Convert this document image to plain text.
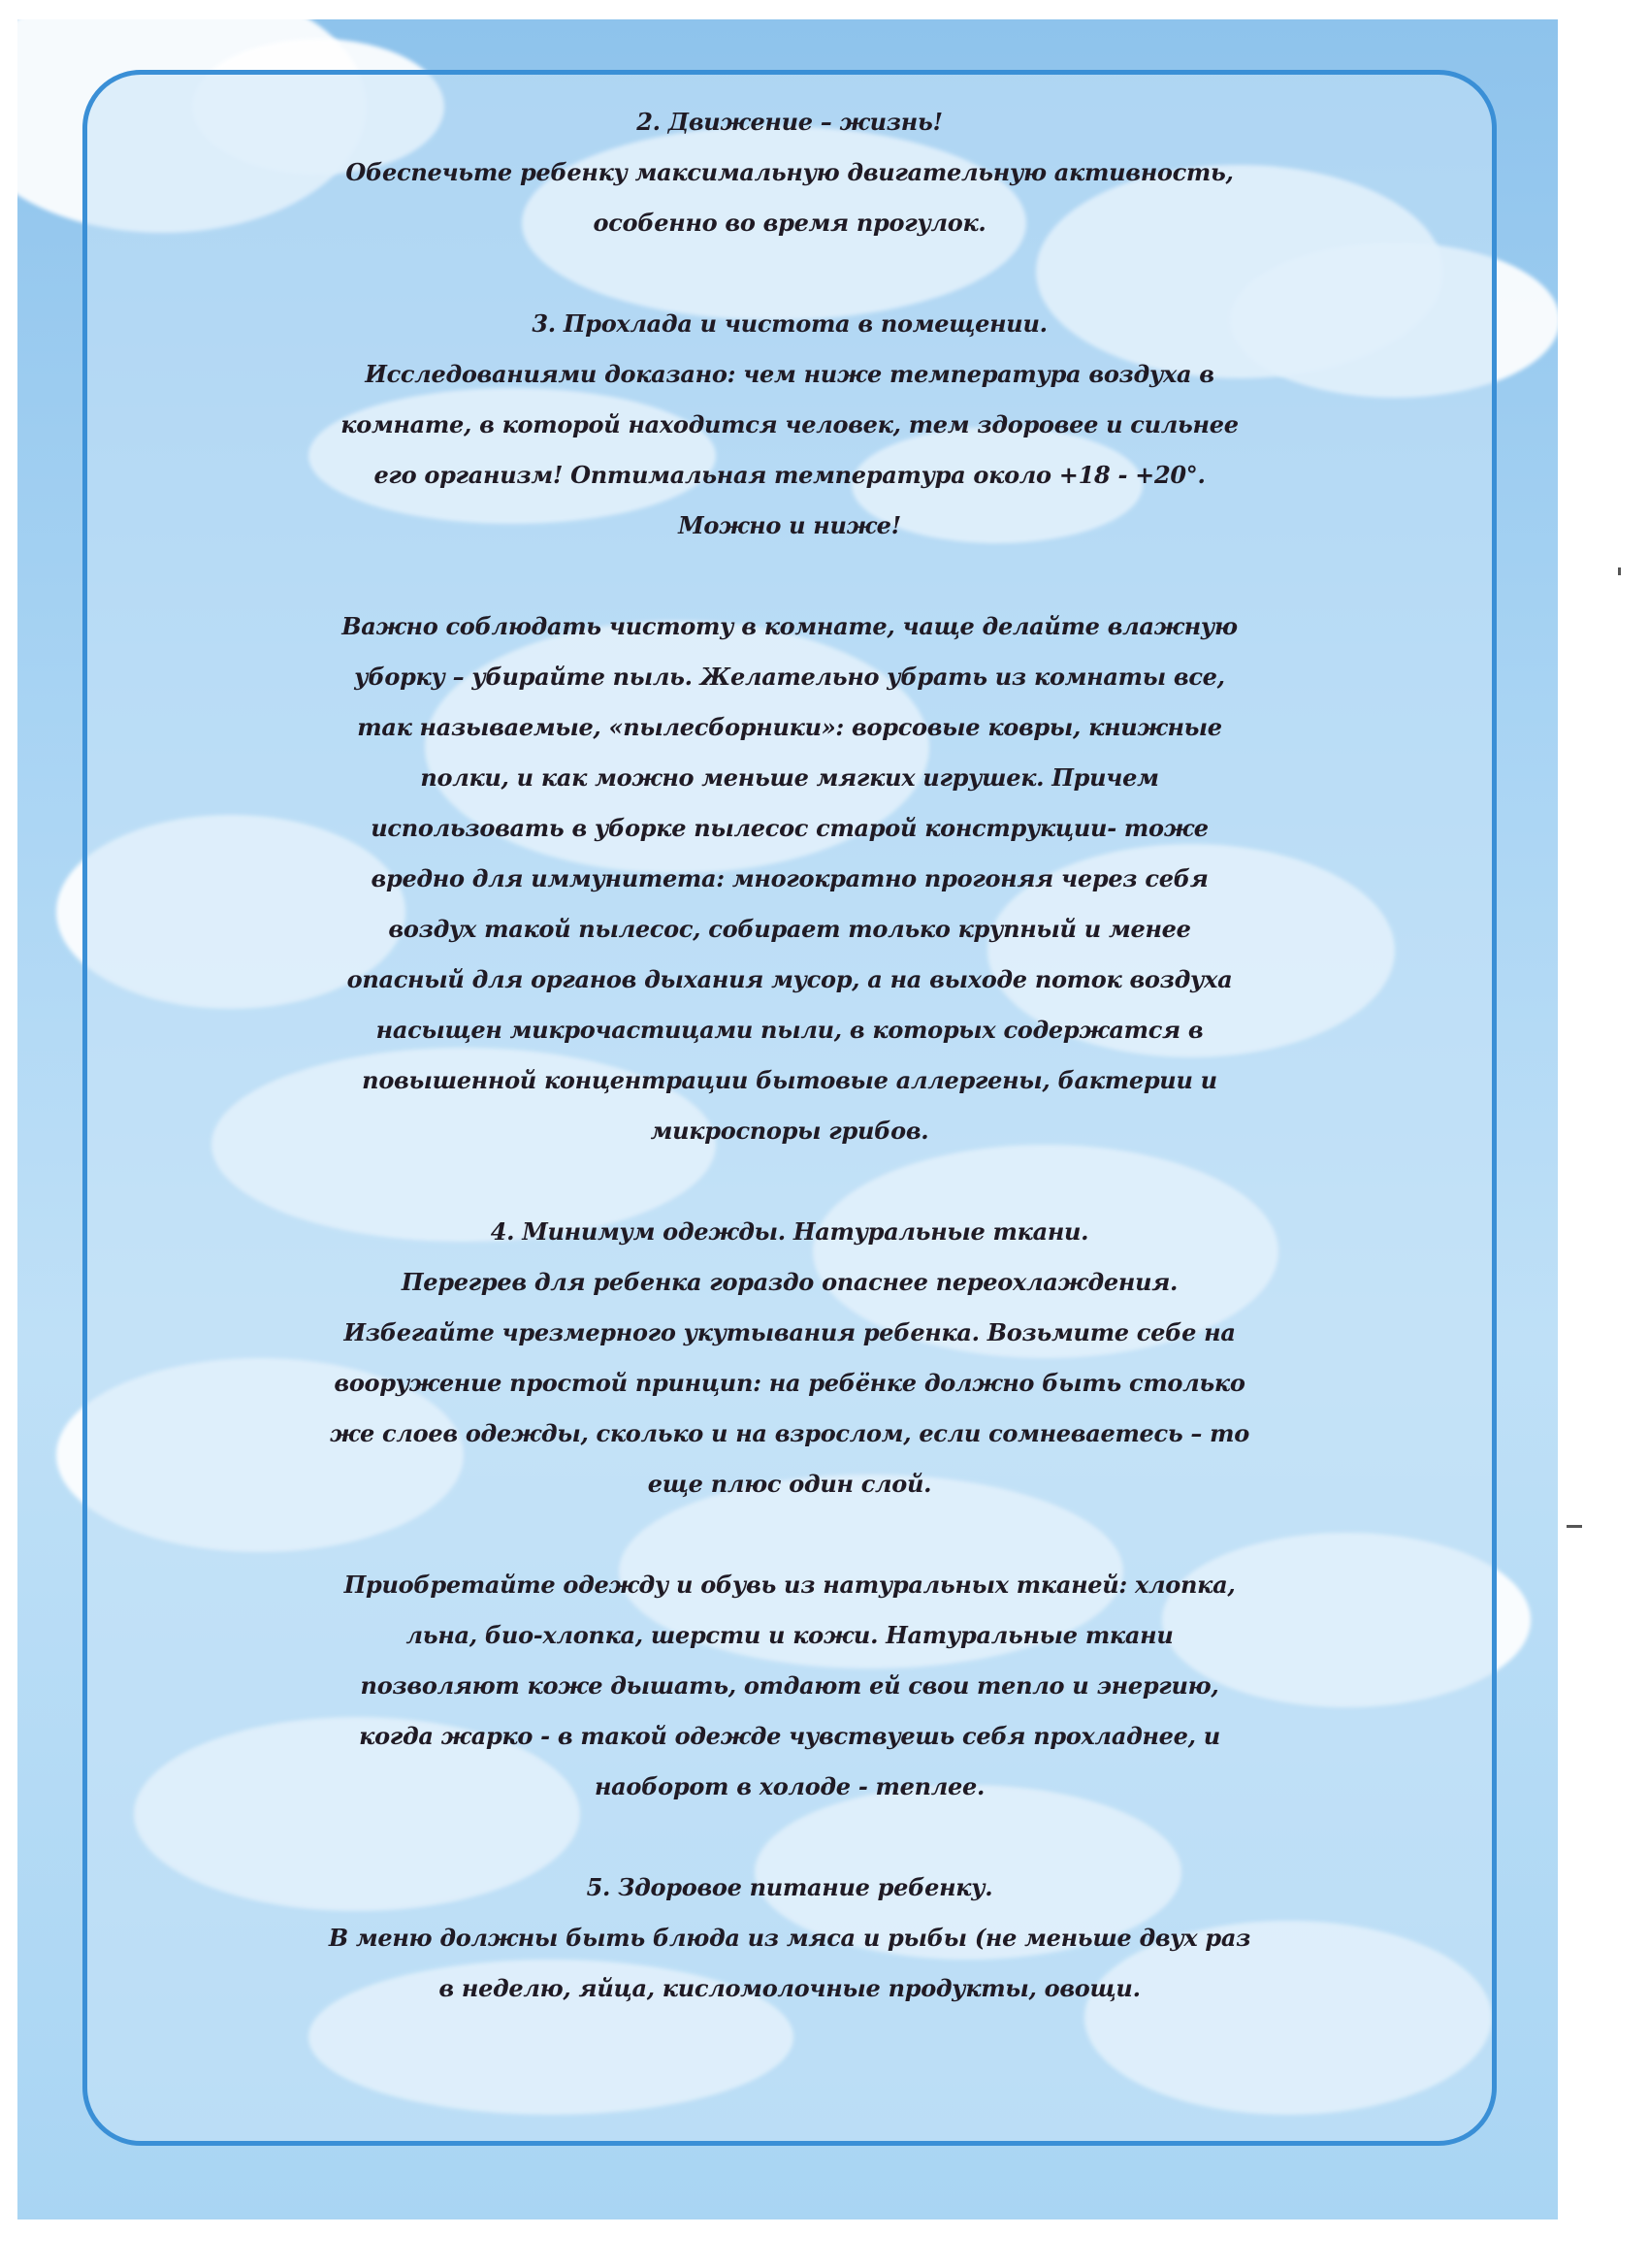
2. Движение – жизнь!

Обеспечьте ребенку максимальную двигательную активность,

особенно во время прогулок.

3. Прохлада и чистота в помещении.

Исследованиями доказано: чем ниже температура воздуха в

комнате, в которой находится человек, тем здоровее и сильнее

его организм! Оптимальная температура около +18 - +20°.

Можно и ниже!

Важно соблюдать чистоту в комнате, чаще делайте влажную

уборку – убирайте пыль. Желательно убрать из комнаты все,

так называемые, «пылесборники»: ворсовые ковры, книжные

полки, и как можно меньше мягких игрушек. Причем

использовать в уборке пылесос старой конструкции- тоже

вредно для иммунитета: многократно прогоняя через себя

воздух такой пылесос, собирает только крупный и менее

опасный для органов дыхания мусор, а на выходе поток воздуха

насыщен микрочастицами пыли, в которых содержатся в

повышенной концентрации бытовые аллергены, бактерии и

микроспоры грибов.

4. Минимум одежды. Натуральные ткани.

Перегрев для ребенка гораздо опаснее переохлаждения.

Избегайте чрезмерного укутывания ребенка. Возьмите себе на

вооружение простой принцип: на ребёнке должно быть столько

же слоев одежды, сколько и на взрослом, если сомневаетесь – то

еще плюс один слой.

Приобретайте одежду и обувь из натуральных тканей: хлопка,

льна, био-хлопка, шерсти и кожи. Натуральные ткани

позволяют коже дышать, отдают ей свои тепло и энергию,

когда жарко - в такой одежде чувствуешь себя прохладнее, и

наоборот в холоде - теплее.

5. Здоровое питание ребенку.

В меню должны быть блюда из мяса и рыбы (не меньше двух раз

в неделю, яйца, кисломолочные продукты, овощи.
